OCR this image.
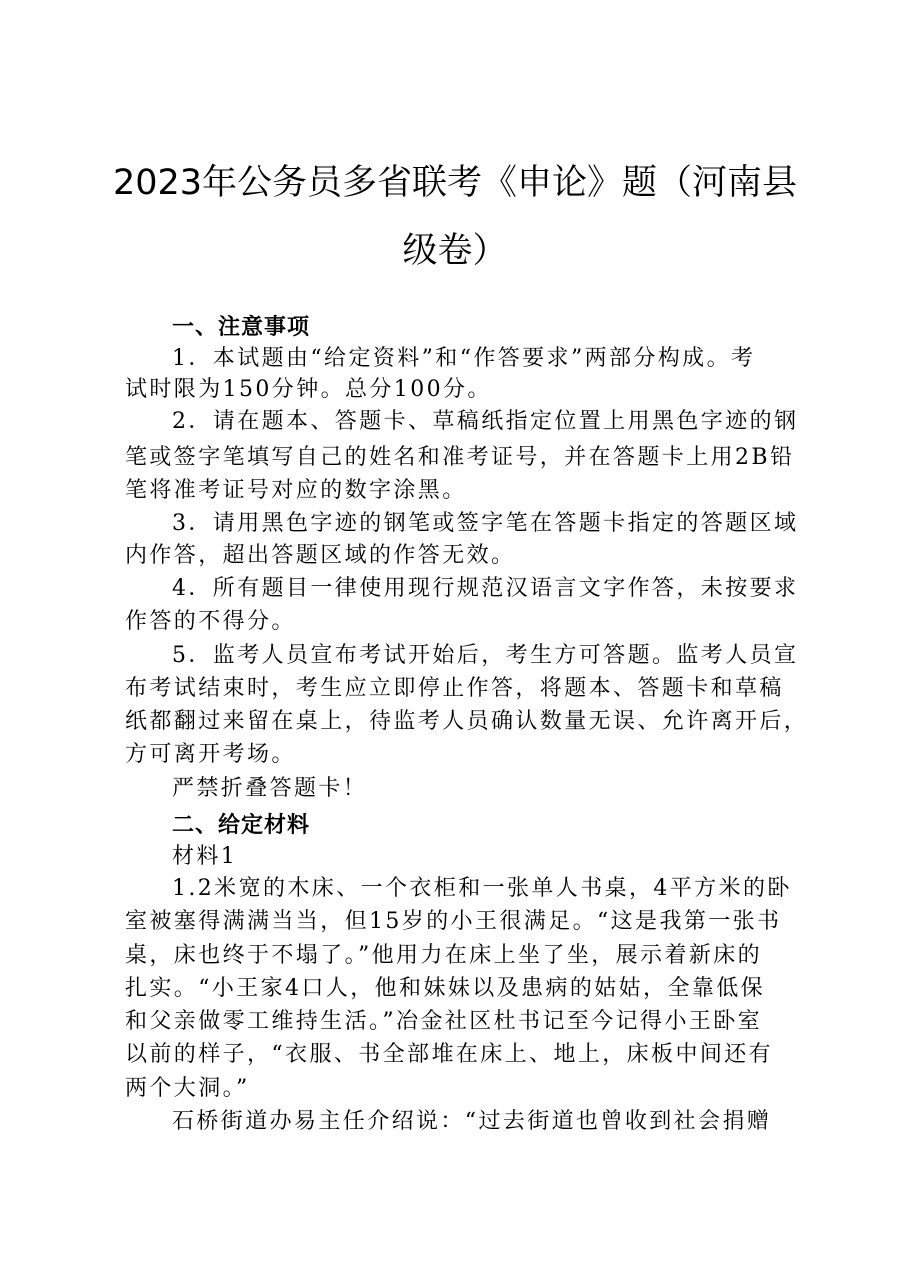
2023年公务员多省联考《申论》题（河南县
级卷）
一、注意事项
1．本试题由“给定资料”和“作答要求”两部分构成。考
试时限为150分钟。总分100分。
2．请在题本、答题卡、草稿纸指定位置上用黑色字迹的钢
笔或签字笔填写自己的姓名和准考证号，并在答题卡上用2B铅
笔将准考证号对应的数字涂黑。
3．请用黑色字迹的钢笔或签字笔在答题卡指定的答题区域
内作答，超出答题区域的作答无效。
4．所有题目一律使用现行规范汉语言文字作答，未按要求
作答的不得分。
5．监考人员宣布考试开始后，考生方可答题。监考人员宣
布考试结束时，考生应立即停止作答，将题本、答题卡和草稿
纸都翻过来留在桌上，待监考人员确认数量无误、允许离开后，
方可离开考场。
严禁折叠答题卡！
二、给定材料
材料1
1.2米宽的木床、一个衣柜和一张单人书桌，4平方米的卧
室被塞得满满当当，但15岁的小王很满足。“这是我第一张书
桌，床也终于不塌了。”他用力在床上坐了坐，展示着新床的
扎实。“小王家4口人，他和妹妹以及患病的姑姑，全靠低保
和父亲做零工维持生活。”冶金社区杜书记至今记得小王卧室
以前的样子，“衣服、书全部堆在床上、地上，床板中间还有
两个大洞。”
石桥街道办易主任介绍说：“过去街道也曾收到社会捐赠
